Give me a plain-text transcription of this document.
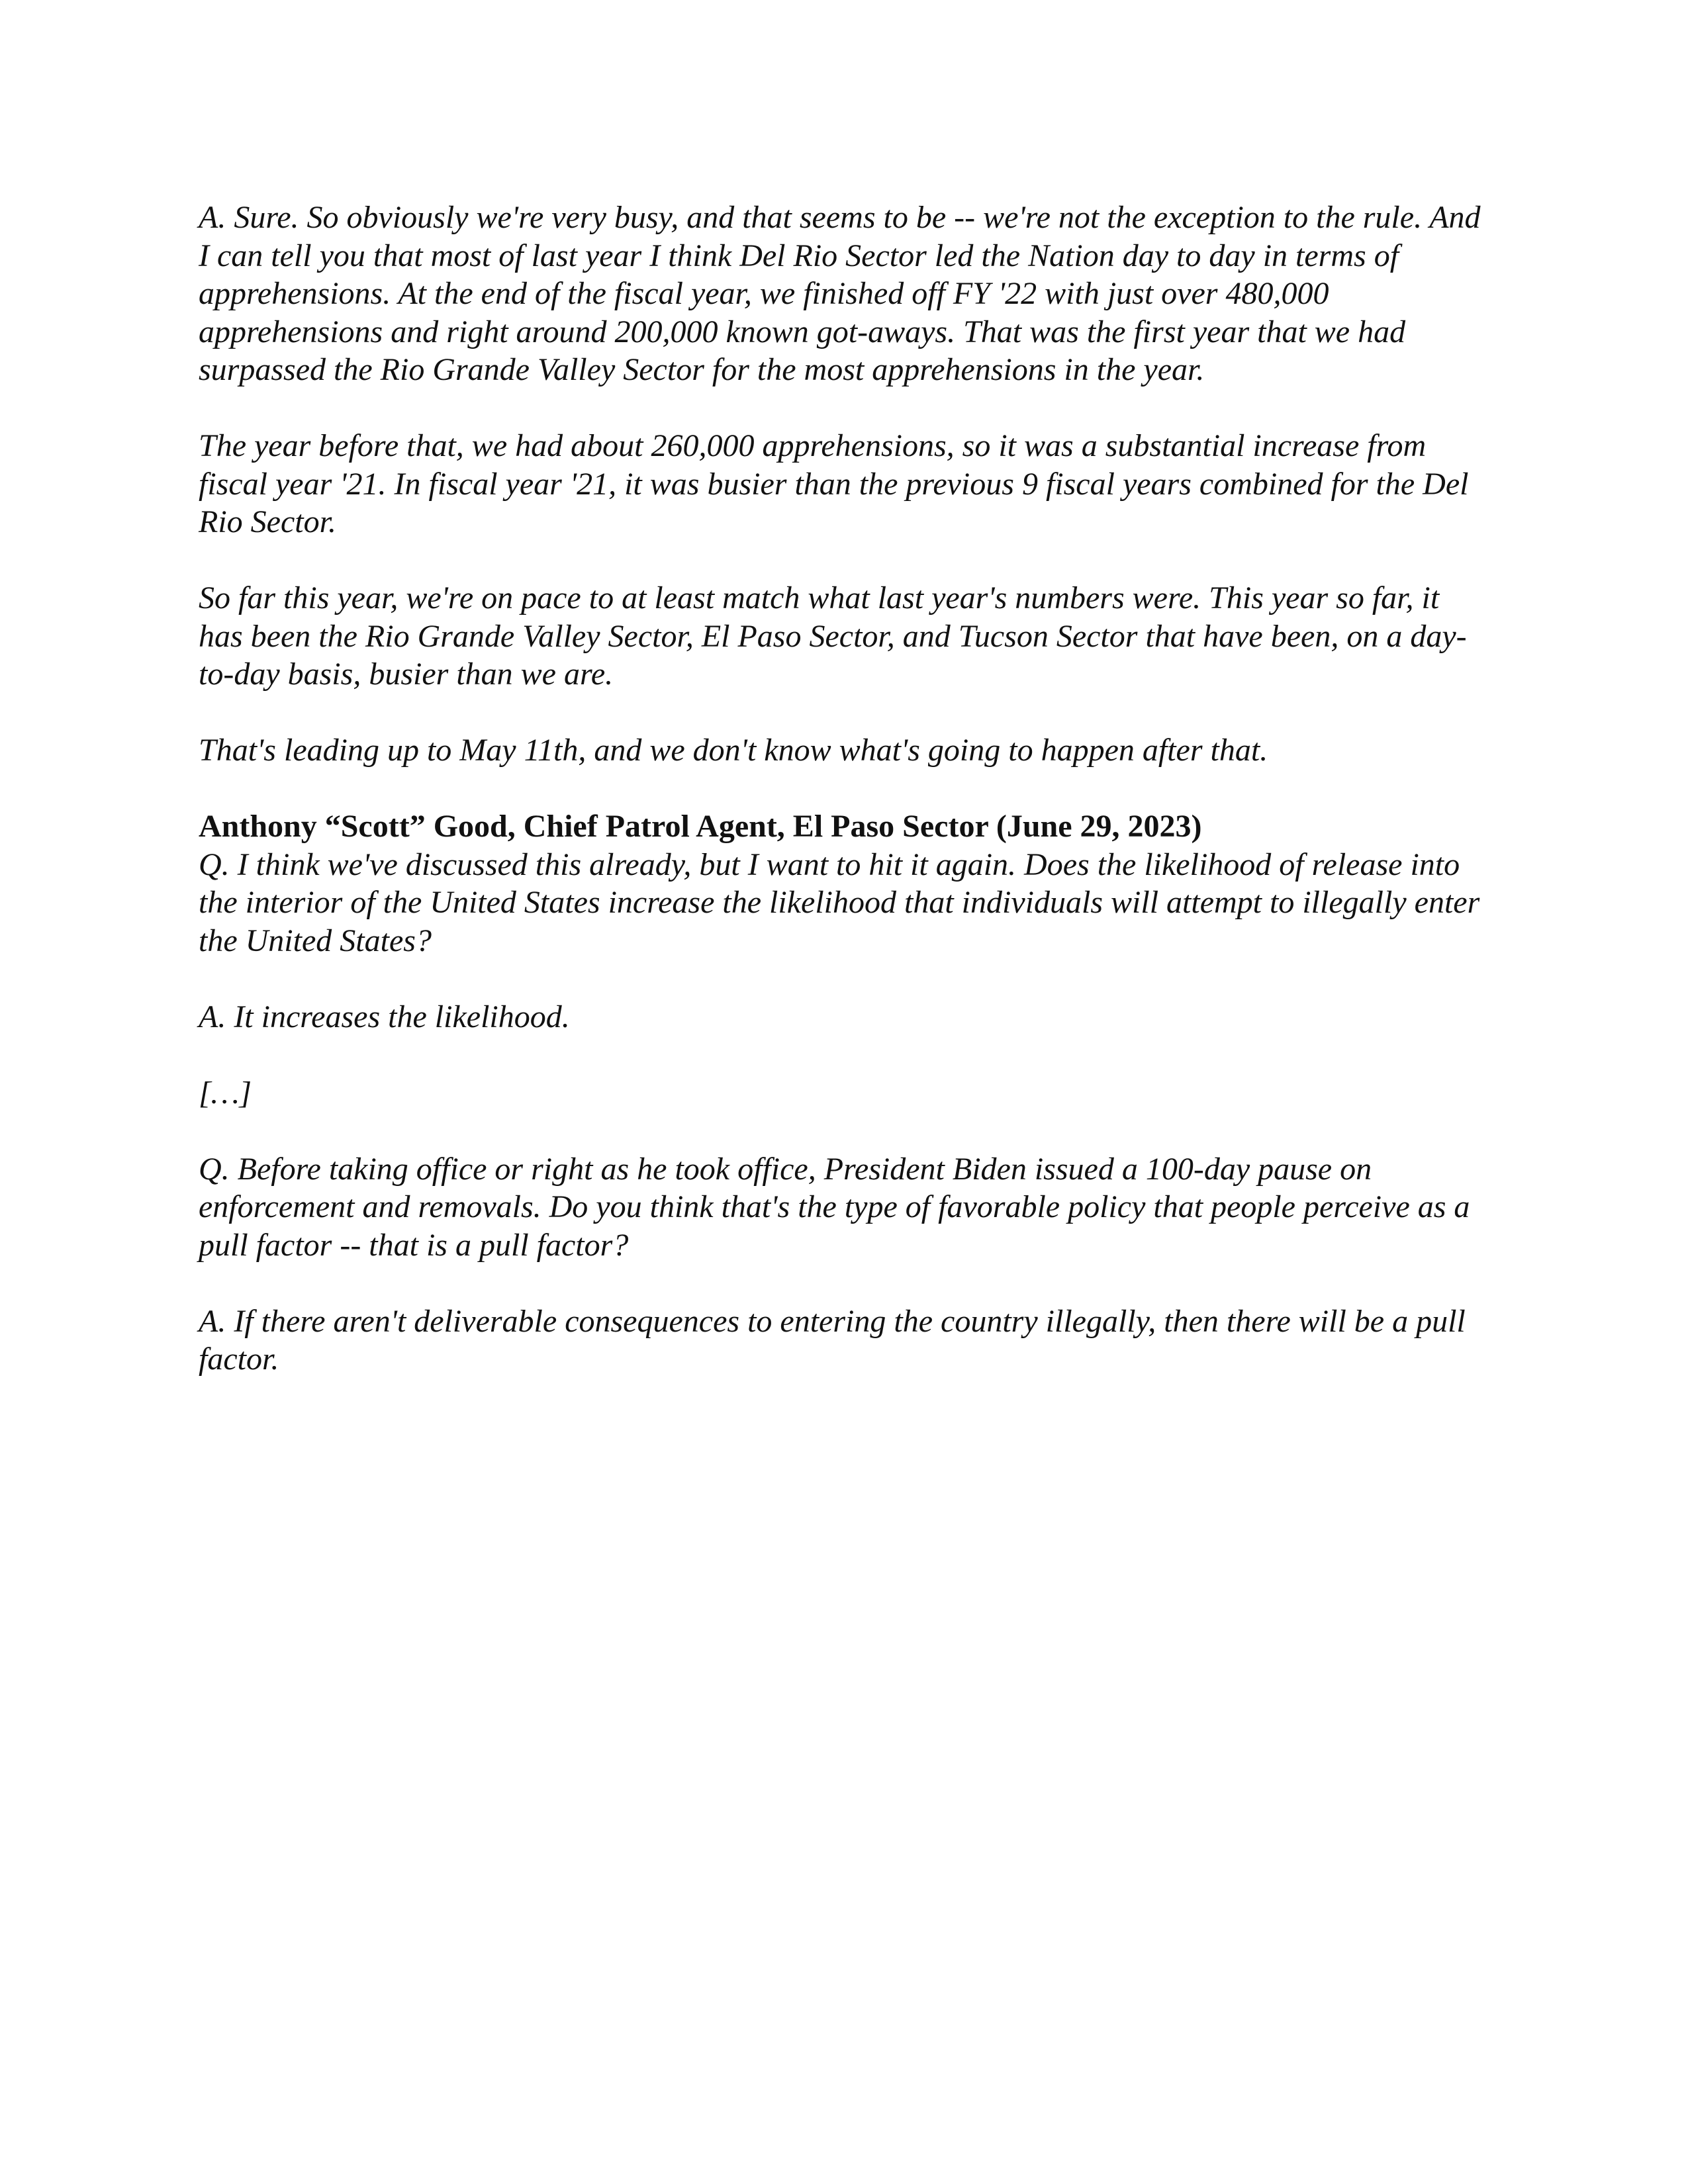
A. Sure. So obviously we're very busy, and that seems to be -- we're not the exception to the rule. And I can tell you that most of last year I think Del Rio Sector led the Nation day to day in terms of apprehensions. At the end of the fiscal year, we finished off FY '22 with just over 480,000 apprehensions and right around 200,000 known got-aways. That was the first year that we had surpassed the Rio Grande Valley Sector for the most apprehensions in the year.

The year before that, we had about 260,000 apprehensions, so it was a substantial increase from fiscal year '21. In fiscal year '21, it was busier than the previous 9 fiscal years combined for the Del Rio Sector.

So far this year, we're on pace to at least match what last year's numbers were. This year so far, it has been the Rio Grande Valley Sector, El Paso Sector, and Tucson Sector that have been, on a day-to-day basis, busier than we are.

That's leading up to May 11th, and we don't know what's going to happen after that.

Anthony “Scott” Good, Chief Patrol Agent, El Paso Sector (June 29, 2023)

Q. I think we've discussed this already, but I want to hit it again. Does the likelihood of release into the interior of the United States increase the likelihood that individuals will attempt to illegally enter the United States?

A. It increases the likelihood.

[…]

Q. Before taking office or right as he took office, President Biden issued a 100-day pause on enforcement and removals. Do you think that's the type of favorable policy that people perceive as a pull factor -- that is a pull factor?

A. If there aren't deliverable consequences to entering the country illegally, then there will be a pull factor.
